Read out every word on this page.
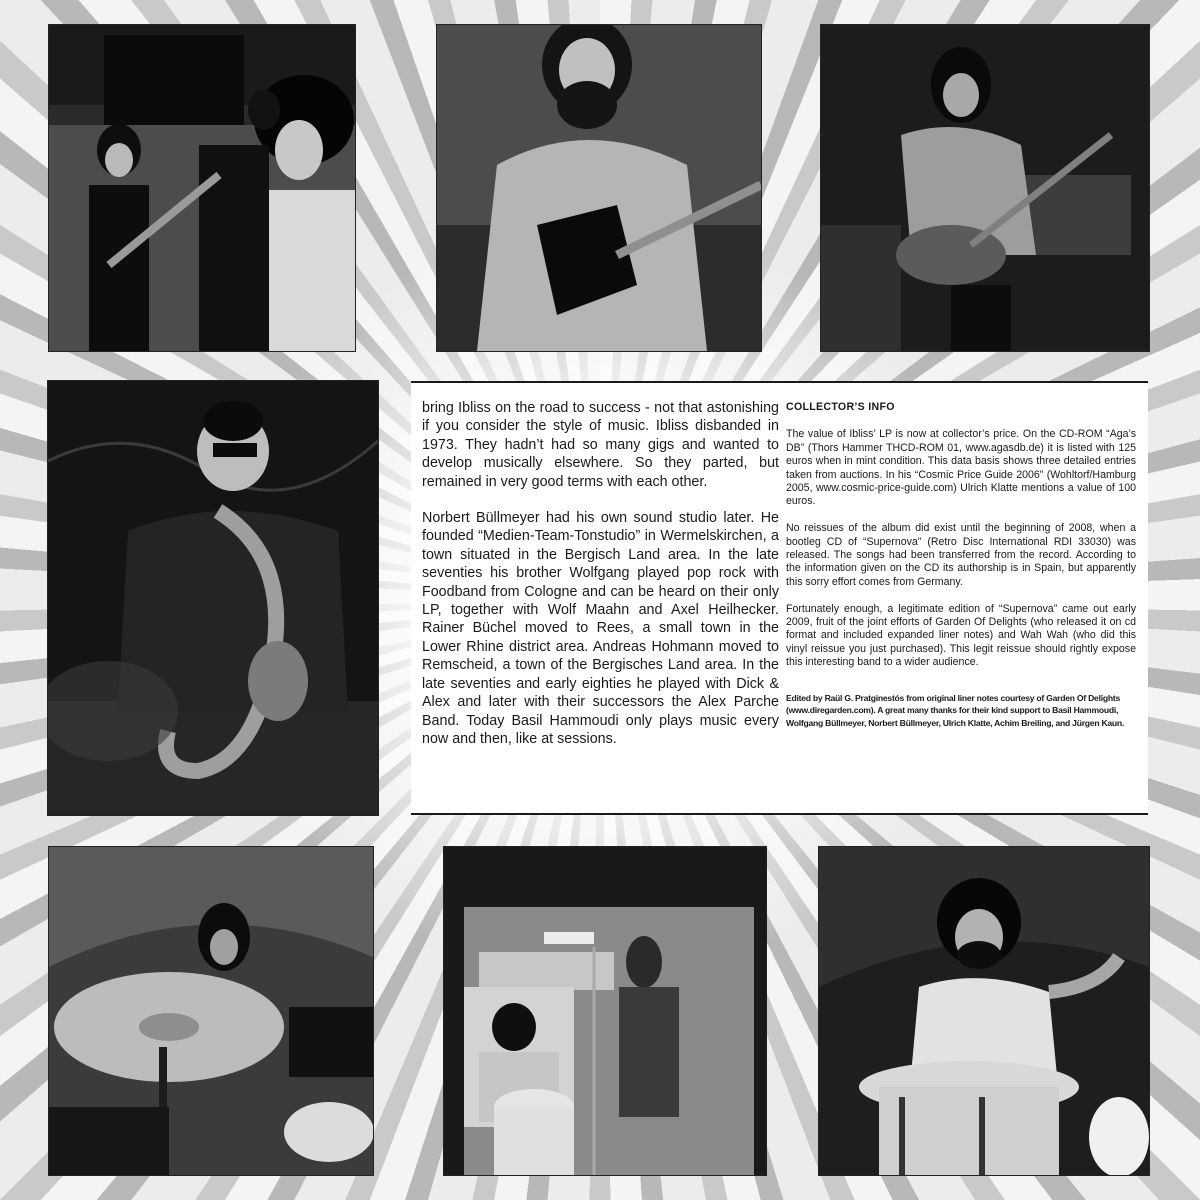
bring Ibliss on the road to success - not that astonishing if you consider the style of music. Ibliss disbanded in 1973. They hadn’t had so many gigs and wanted to develop musically elsewhere. So they parted, but remained in very good terms with each other.

Norbert Büllmeyer had his own sound studio later. He founded “Medien-Team-Tonstudio” in Wermelskirchen, a town situated in the Bergisch Land area. In the late seventies his brother Wolfgang played pop rock with Foodband from Cologne and can be heard on their only LP, together with Wolf Maahn and Axel Heilhecker. Rainer Büchel moved to Rees, a small town in the Lower Rhine district area. Andreas Hohmann moved to Remscheid, a town of the Bergisches Land area. In the late seventies and early eighties he played with Dick & Alex and later with their successors the Alex Parche Band. Today Basil Hammoudi only plays music every now and then, like at sessions.

COLLECTOR’S INFO

The value of Ibliss’ LP is now at collector’s price. On the CD-ROM “Aga’s DB” (Thors Hammer THCD-ROM 01, www.agasdb.de) it is listed with 125 euros when in mint condition. This data basis shows three detailed entries taken from auctions. In his “Cosmic Price Guide 2006” (Wohltorf/Hamburg 2005, www.cosmic-price-guide.com) Ulrich Klatte mentions a value of 100 euros.

No reissues of the album did exist until the beginning of 2008, when a bootleg CD of “Supernova” (Retro Disc International RDI 33030) was released. The songs had been transferred from the record. According to the information given on the CD its authorship is in Spain, but apparently this sorry effort comes from Germany.

Fortunately enough, a legitimate edition of “Supernova” came out early 2009, fruit of the joint efforts of Garden Of Delights (who released it on cd format and included expanded liner notes) and Wah Wah (who did this vinyl reissue you just purchased). This legit reissue should rightly expose this interesting band to a wider audience.

Edited by Raül G. Pratginestós from original liner notes courtesy of Garden Of Delights (www.diregarden.com). A great many thanks for their kind support to Basil Hammoudi, Wolfgang Büllmeyer, Norbert Büllmeyer, Ulrich Klatte, Achim Breiling, and Jürgen Kaun.
